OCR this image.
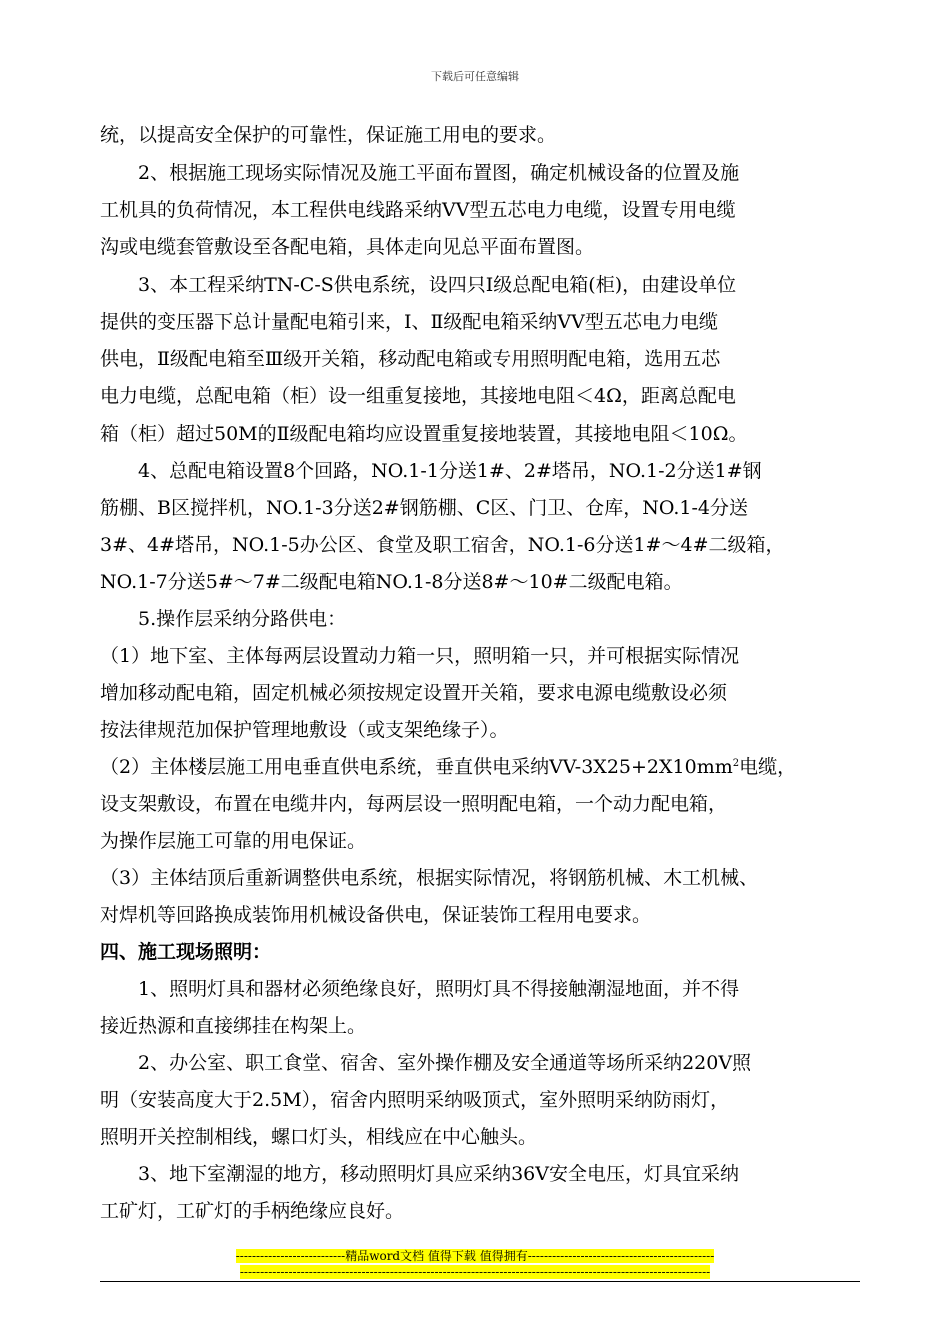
下载后可任意编辑
统，以提高安全保护的可靠性，保证施工用电的要求。
　　2、根据施工现场实际情况及施工平面布置图，确定机械设备的位置及施
工机具的负荷情况，本工程供电线路采纳VV型五芯电力电缆，设置专用电缆
沟或电缆套管敷设至各配电箱，具体走向见总平面布置图。
　　3、本工程采纳TN-C-S供电系统，设四只Ⅰ级总配电箱(柜)，由建设单位
提供的变压器下总计量配电箱引来，Ⅰ、Ⅱ级配电箱采纳VV型五芯电力电缆
供电，Ⅱ级配电箱至Ⅲ级开关箱，移动配电箱或专用照明配电箱，选用五芯
电力电缆，总配电箱（柜）设一组重复接地，其接地电阻＜4Ω，距离总配电
箱（柜）超过50M的Ⅱ级配电箱均应设置重复接地装置，其接地电阻＜10Ω。
　　4、总配电箱设置8个回路，NO.1-1分送1#、2#塔吊，NO.1-2分送1#钢
筋棚、B区搅拌机，NO.1-3分送2#钢筋棚、C区、门卫、仓库，NO.1-4分送
3#、4#塔吊，NO.1-5办公区、食堂及职工宿舍，NO.1-6分送1#～4#二级箱，
NO.1-7分送5#～7#二级配电箱NO.1-8分送8#～10#二级配电箱。
　　5.操作层采纳分路供电：
（1）地下室、主体每两层设置动力箱一只，照明箱一只，并可根据实际情况
增加移动配电箱，固定机械必须按规定设置开关箱，要求电源电缆敷设必须
按法律规范加保护管理地敷设（或支架绝缘子）。
（2）主体楼层施工用电垂直供电系统，垂直供电采纳$VV-3X25+2X10mm^2$电缆，
设支架敷设，布置在电缆井内，每两层设一照明配电箱，一个动力配电箱，
为操作层施工可靠的用电保证。
（3）主体结顶后重新调整供电系统，根据实际情况，将钢筋机械、木工机械、
对焊机等回路换成装饰用机械设备供电，保证装饰工程用电要求。
四、施工现场照明：
　　1、照明灯具和器材必须绝缘良好，照明灯具不得接触潮湿地面，并不得
接近热源和直接绑挂在构架上。
　　2、办公室、职工食堂、宿舍、室外操作棚及安全通道等场所采纳220V照
明（安装高度大于2.5M），宿舍内照明采纳吸顶式，室外照明采纳防雨灯，
照明开关控制相线，螺口灯头，相线应在中心触头。
　　3、地下室潮湿的地方，移动照明灯具应采纳36V安全电压，灯具宜采纳
工矿灯，工矿灯的手柄绝缘应良好。
---------------------------精品word文档 值得下载 值得拥有----------------------------------------------
--------------------------------------------------------------------------------------------------------------------
